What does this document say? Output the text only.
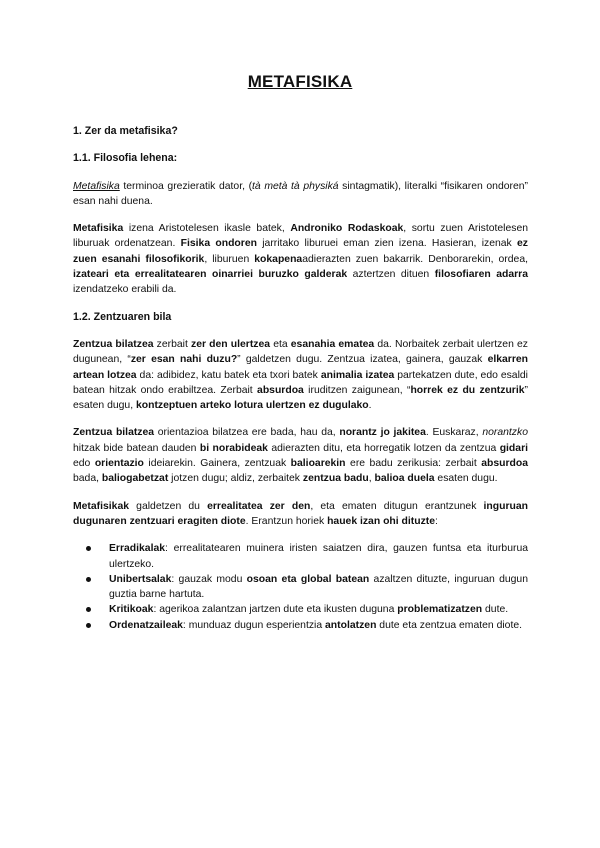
METAFISIKA

1. Zer da metafisika?

1.1. Filosofia lehena:

Metafisika terminoa grezieratik dator, (tà metà tà physiká sintagmatik), literalki “fisikaren ondoren” esan nahi duena.

Metafisika izena Aristotelesen ikasle batek, Androniko Rodaskoak, sortu zuen Aristotelesen liburuak ordenatzean. Fisika ondoren jarritako liburuei eman zien izena. Hasieran, izenak ez zuen esanahi filosofikorik, liburuen kokapenaadierazten zuen bakarrik. Denborarekin, ordea, izateari eta errealitatearen oinarriei buruzko galderak aztertzen dituen filosofiaren adarra izendatzeko erabili da.

1.2. Zentzuaren bila

Zentzua bilatzea zerbait zer den ulertzea eta esanahia ematea da. Norbaitek zerbait ulertzen ez dugunean, “zer esan nahi duzu?” galdetzen dugu. Zentzua izatea, gainera, gauzak elkarren artean lotzea da: adibidez, katu batek eta txori batek animalia izatea partekatzen dute, edo esaldi batean hitzak ondo erabiltzea. Zerbait absurdoa iruditzen zaigunean, “horrek ez du zentzurik” esaten dugu, kontzeptuen arteko lotura ulertzen ez dugulako.

Zentzua bilatzea orientazioa bilatzea ere bada, hau da, norantz jo jakitea. Euskaraz, norantzko hitzak bide batean dauden bi norabideak adierazten ditu, eta horregatik lotzen da zentzua gidari edo orientazio ideiarekin. Gainera, zentzuak balioarekin ere badu zerikusia: zerbait absurdoa bada, baliogabetzat jotzen dugu; aldiz, zerbaitek zentzua badu, balioa duela esaten dugu.

Metafisikak galdetzen du errealitatea zer den, eta ematen ditugun erantzunek inguruan dugunaren zentzuari eragiten diote. Erantzun horiek hauek izan ohi dituzte:

Erradikalak: errealitatearen muinera iristen saiatzen dira, gauzen funtsa eta iturburua ulertzeko.
Unibertsalak: gauzak modu osoan eta global batean azaltzen dituzte, inguruan dugun guztia barne hartuta.
Kritikoak: agerikoa zalantzan jartzen dute eta ikusten duguna problematizatzen dute.
Ordenatzaileak: munduaz dugun esperientzia antolatzen dute eta zentzua ematen diote.
